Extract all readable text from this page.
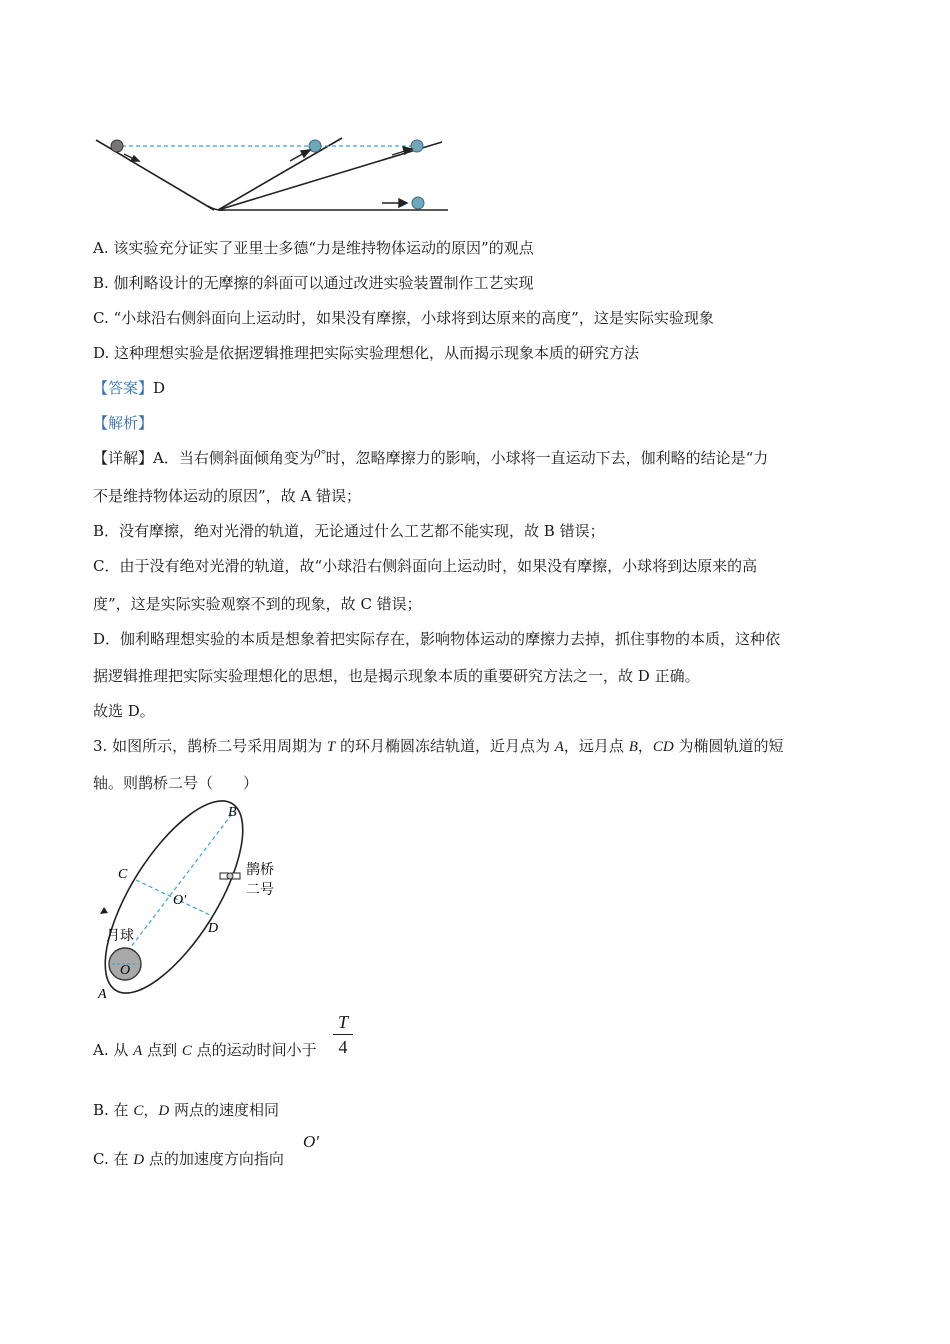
A. 该实验充分证实了亚里士多德“力是维持物体运动的原因”的观点
B. 伽利略设计的无摩擦的斜面可以通过改进实验装置制作工艺实现
C. “小球沿右侧斜面向上运动时，如果没有摩擦，小球将到达原来的高度”，这是实际实验现象
D. 这种理想实验是依据逻辑推理把实际实验理想化，从而揭示现象本质的研究方法
【答案】D
【解析】
【详解】A．当右侧斜面倾角变为0°时，忽略摩擦力的影响，小球将一直运动下去，伽利略的结论是“力
不是维持物体运动的原因”，故 A 错误；
B．没有摩擦，绝对光滑的轨道，无论通过什么工艺都不能实现，故 B 错误；
C．由于没有绝对光滑的轨道，故“小球沿右侧斜面向上运动时，如果没有摩擦，小球将到达原来的高
度”，这是实际实验观察不到的现象，故 C 错误；
D．伽利略理想实验的本质是想象着把实际存在，影响物体运动的摩擦力去掉，抓住事物的本质，这种依
据逻辑推理把实际实验理想化的思想，也是揭示现象本质的重要研究方法之一，故 D 正确。
故选 D。
3. 如图所示，鹊桥二号采用周期为 T 的环月椭圆冻结轨道，近月点为 A，远月点 B，CD 为椭圆轨道的短
轴。则鹊桥二号（　　）
B
C
O'
D
月球
O
A
鹊桥
二号
A. 从 A 点到 C 点的运动时间小于
T
4
B. 在 C，D 两点的速度相同
C. 在 D 点的加速度方向指向
O'
